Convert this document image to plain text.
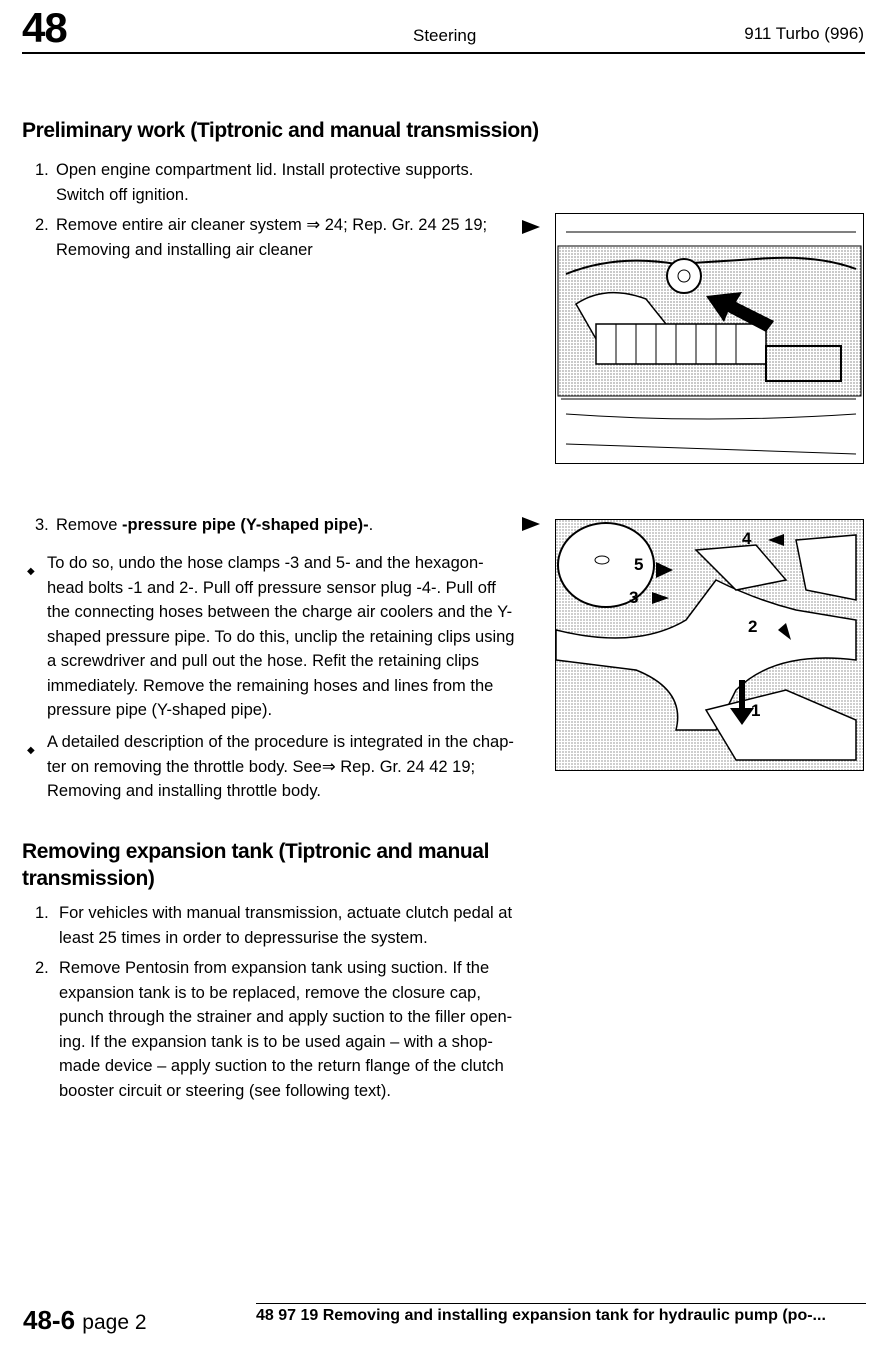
48	Steering	911 Turbo (996)
Preliminary work (Tiptronic and manual transmission)
1. Open engine compartment lid. Install protective supports.
Switch off ignition.
2. Remove entire air cleaner system ⇒ 24; Rep. Gr. 24 25 19;
Removing and installing air cleaner
3. Remove -pressure pipe (Y-shaped pipe)-.
◆ To do so, undo the hose clamps -3 and 5- and the hexagon-
head bolts -1 and 2-. Pull off pressure sensor plug -4-. Pull off
the connecting hoses between the charge air coolers and the Y-
shaped pressure pipe. To do this, unclip the retaining clips using
a screwdriver and pull out the hose. Refit the retaining clips
immediately. Remove the remaining hoses and lines from the
pressure pipe (Y-shaped pipe).
◆ A detailed description of the procedure is integrated in the chap-
ter on removing the throttle body. See⇒ Rep. Gr. 24 42 19;
Removing and installing throttle body.
5
4
3
2
1
Removing expansion tank (Tiptronic and manual
transmission)
1. For vehicles with manual transmission, actuate clutch pedal at
least 25 times in order to depressurise the system.
2. Remove Pentosin from expansion tank using suction. If the
expansion tank is to be replaced, remove the closure cap,
punch through the strainer and apply suction to the filler open-
ing. If the expansion tank is to be used again – with a shop-
made device – apply suction to the return flange of the clutch
booster circuit or steering (see following text).
48-6 page 2	48 97 19 Removing and installing expansion tank for hydraulic pump (po-...
